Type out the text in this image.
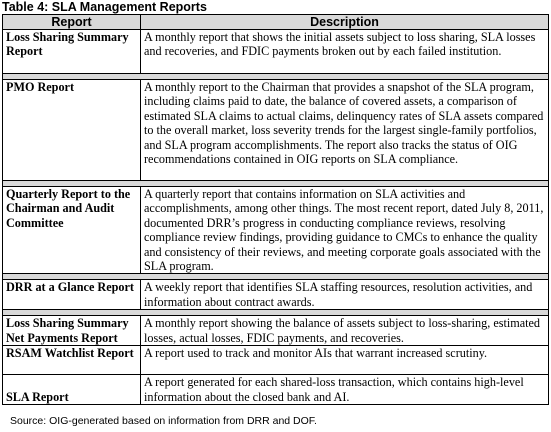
Table 4: SLA Management Reports
Report	Description
Loss Sharing Summary Report	A monthly report that shows the initial assets subject to loss sharing, SLA losses and recoveries, and FDIC payments broken out by each failed institution.

PMO Report	A monthly report to the Chairman that provides a snapshot of the SLA program, including claims paid to date, the balance of covered assets, a comparison of estimated SLA claims to actual claims, delinquency rates of SLA assets compared to the overall market, loss severity trends for the largest single-family portfolios, and SLA program accomplishments. The report also tracks the status of OIG recommendations contained in OIG reports on SLA compliance.

Quarterly Report to the Chairman and Audit Committee	A quarterly report that contains information on SLA activities and accomplishments, among other things. The most recent report, dated July 8, 2011, documented DRR’s progress in conducting compliance reviews, resolving compliance review findings, providing guidance to CMCs to enhance the quality and consistency of their reviews, and meeting corporate goals associated with the SLA program.

DRR at a Glance Report	A weekly report that identifies SLA staffing resources, resolution activities, and information about contract awards.

Loss Sharing Summary Net Payments Report	A monthly report showing the balance of assets subject to loss-sharing, estimated losses, actual losses, FDIC payments, and recoveries.
RSAM Watchlist Report	A report used to track and monitor AIs that warrant increased scrutiny.
SLA Report	A report generated for each shared-loss transaction, which contains high-level information about the closed bank and AI.
Source: OIG-generated based on information from DRR and DOF.
